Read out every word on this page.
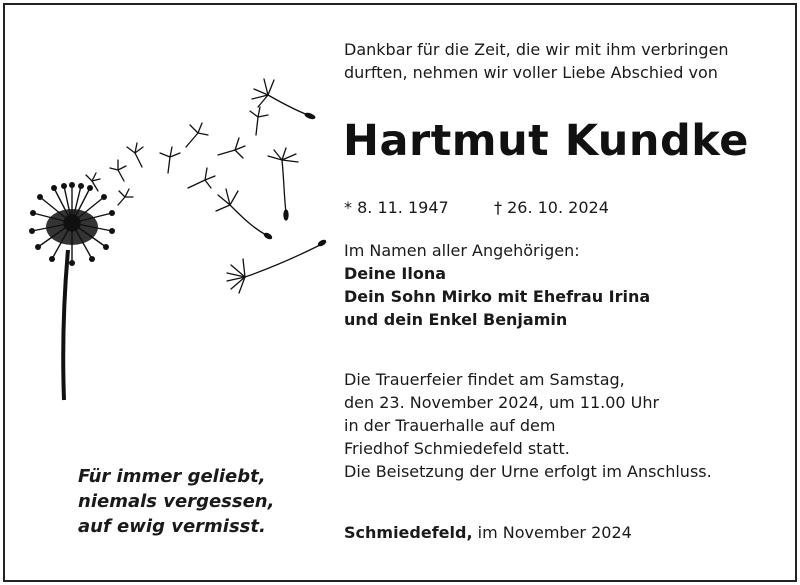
Dankbar für die Zeit, die wir mit ihm verbringen
durften, nehmen wir voller Liebe Abschied von
Hartmut Kundke
* 8. 11. 1947	† 26. 10. 2024
Im Namen aller Angehörigen:
Deine Ilona
Dein Sohn Mirko mit Ehefrau Irina
und dein Enkel Benjamin
Die Trauerfeier findet am Samstag,
den 23. November 2024, um 11.00 Uhr
in der Trauerhalle auf dem
Friedhof Schmiedefeld statt.
Die Beisetzung der Urne erfolgt im Anschluss.
Schmiedefeld, im November 2024
Für immer geliebt,
niemals vergessen,
auf ewig vermisst.
